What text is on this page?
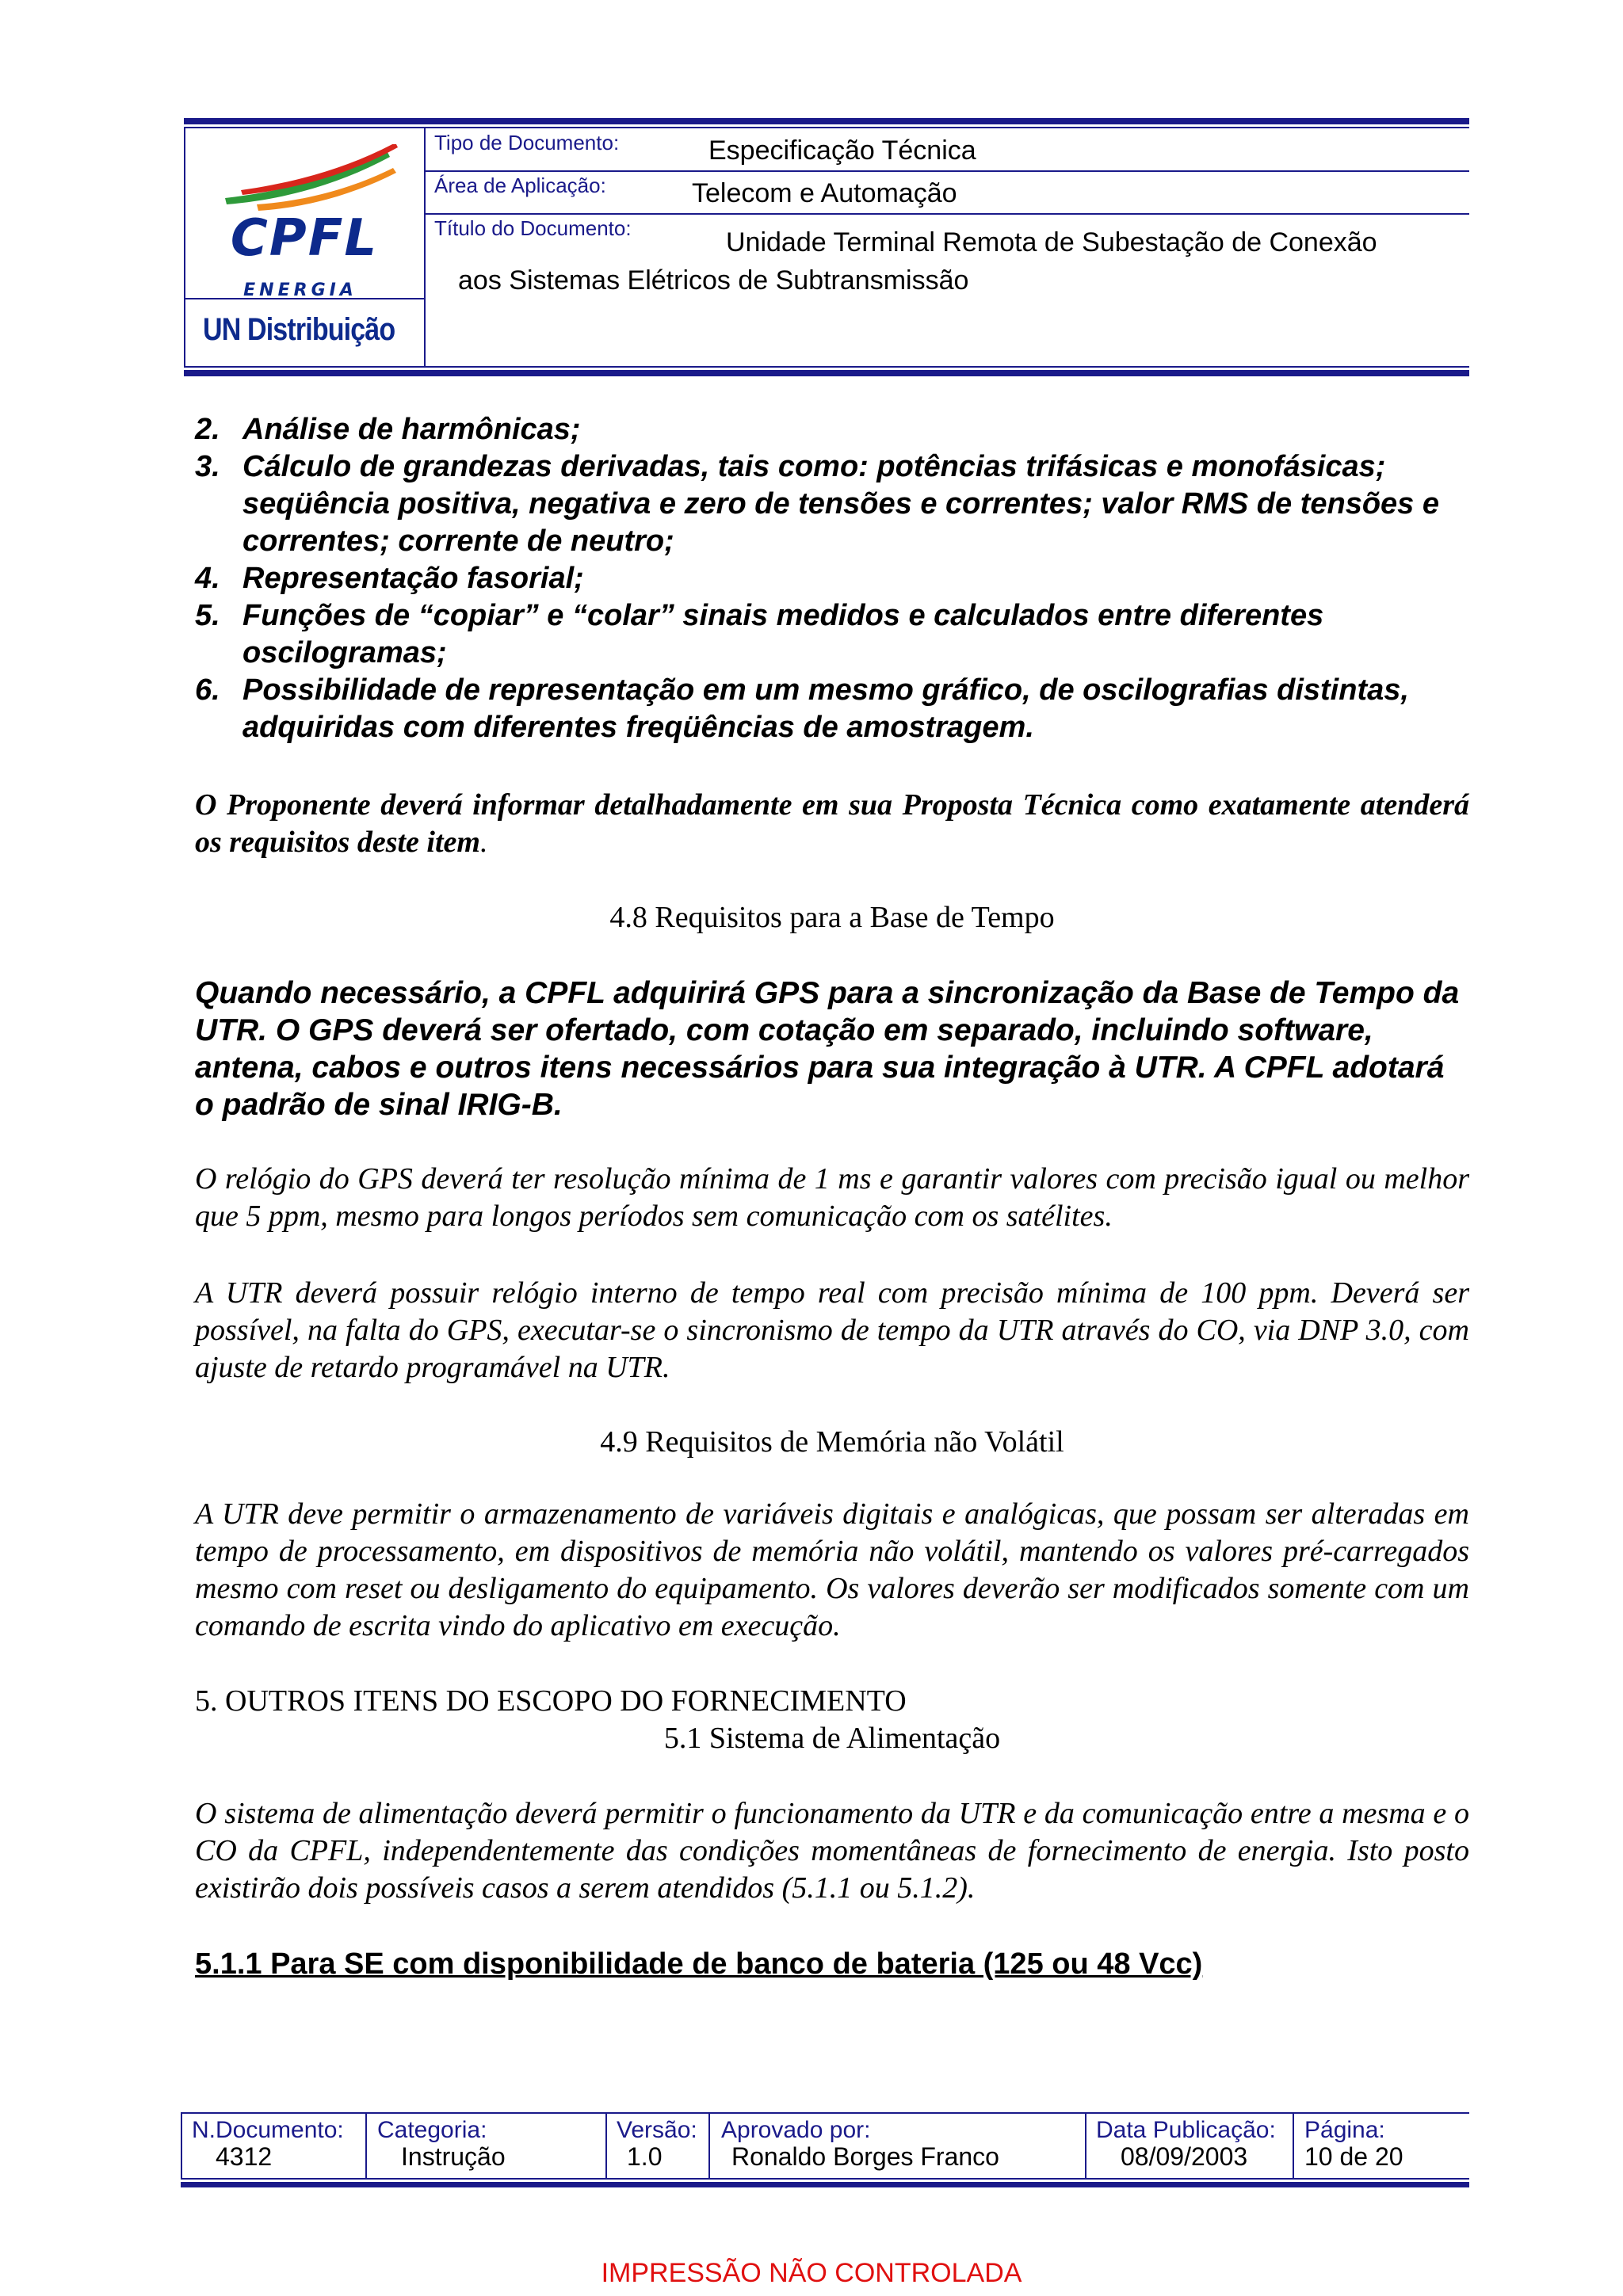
CPFL
ENERGIA
UN Distribuição
Tipo de Documento:	Especificação Técnica
Área de Aplicação:	Telecom e Automação
Título do Documento:	Unidade Terminal Remota de Subestação de Conexão
aos Sistemas Elétricos de Subtransmissão
2. Análise de harmônicas;
3. Cálculo de grandezas derivadas, tais como: potências trifásicas e monofásicas; seqüência positiva, negativa e zero de tensões e correntes; valor RMS de tensões e correntes; corrente de neutro;
4. Representação fasorial;
5. Funções de “copiar” e “colar” sinais medidos e calculados entre diferentes oscilogramas;
6. Possibilidade de representação em um mesmo gráfico, de oscilografias distintas, adquiridas com diferentes freqüências de amostragem.
O Proponente deverá informar detalhadamente em sua Proposta Técnica como exatamente atenderá os requisitos deste item.
4.8 Requisitos para a Base de Tempo
Quando necessário, a CPFL adquirirá GPS para a sincronização da Base de Tempo da UTR. O GPS deverá ser ofertado, com cotação em separado, incluindo software, antena, cabos e outros itens necessários para sua integração à UTR. A CPFL adotará o padrão de sinal IRIG-B.
O relógio do GPS deverá ter resolução mínima de 1 ms e garantir valores com precisão igual ou melhor que 5 ppm, mesmo para longos períodos sem comunicação com os satélites.
A UTR deverá possuir relógio interno de tempo real com precisão mínima de 100 ppm. Deverá ser possível, na falta do GPS, executar-se o sincronismo de tempo da UTR através do CO, via DNP 3.0, com ajuste de retardo programável na UTR.
4.9 Requisitos de Memória não Volátil
A UTR deve permitir o armazenamento de variáveis digitais e analógicas, que possam ser alteradas em tempo de processamento, em dispositivos de memória não volátil, mantendo os valores pré-carregados mesmo com reset ou desligamento do equipamento. Os valores deverão ser modificados somente com um comando de escrita vindo do aplicativo em execução.
5. OUTROS ITENS DO ESCOPO DO FORNECIMENTO
5.1 Sistema de Alimentação
O sistema de alimentação deverá permitir o funcionamento da UTR e da comunicação entre a mesma e o CO da CPFL, independentemente das condições momentâneas de fornecimento de energia. Isto posto existirão dois possíveis casos a serem atendidos (5.1.1 ou 5.1.2).
5.1.1 Para SE com disponibilidade de banco de bateria (125 ou 48 Vcc)
N.Documento:
4312
Categoria:
Instrução
Versão:
1.0
Aprovado por:
Ronaldo Borges Franco
Data Publicação:
08/09/2003
Página:
10 de 20
IMPRESSÃO NÃO CONTROLADA
